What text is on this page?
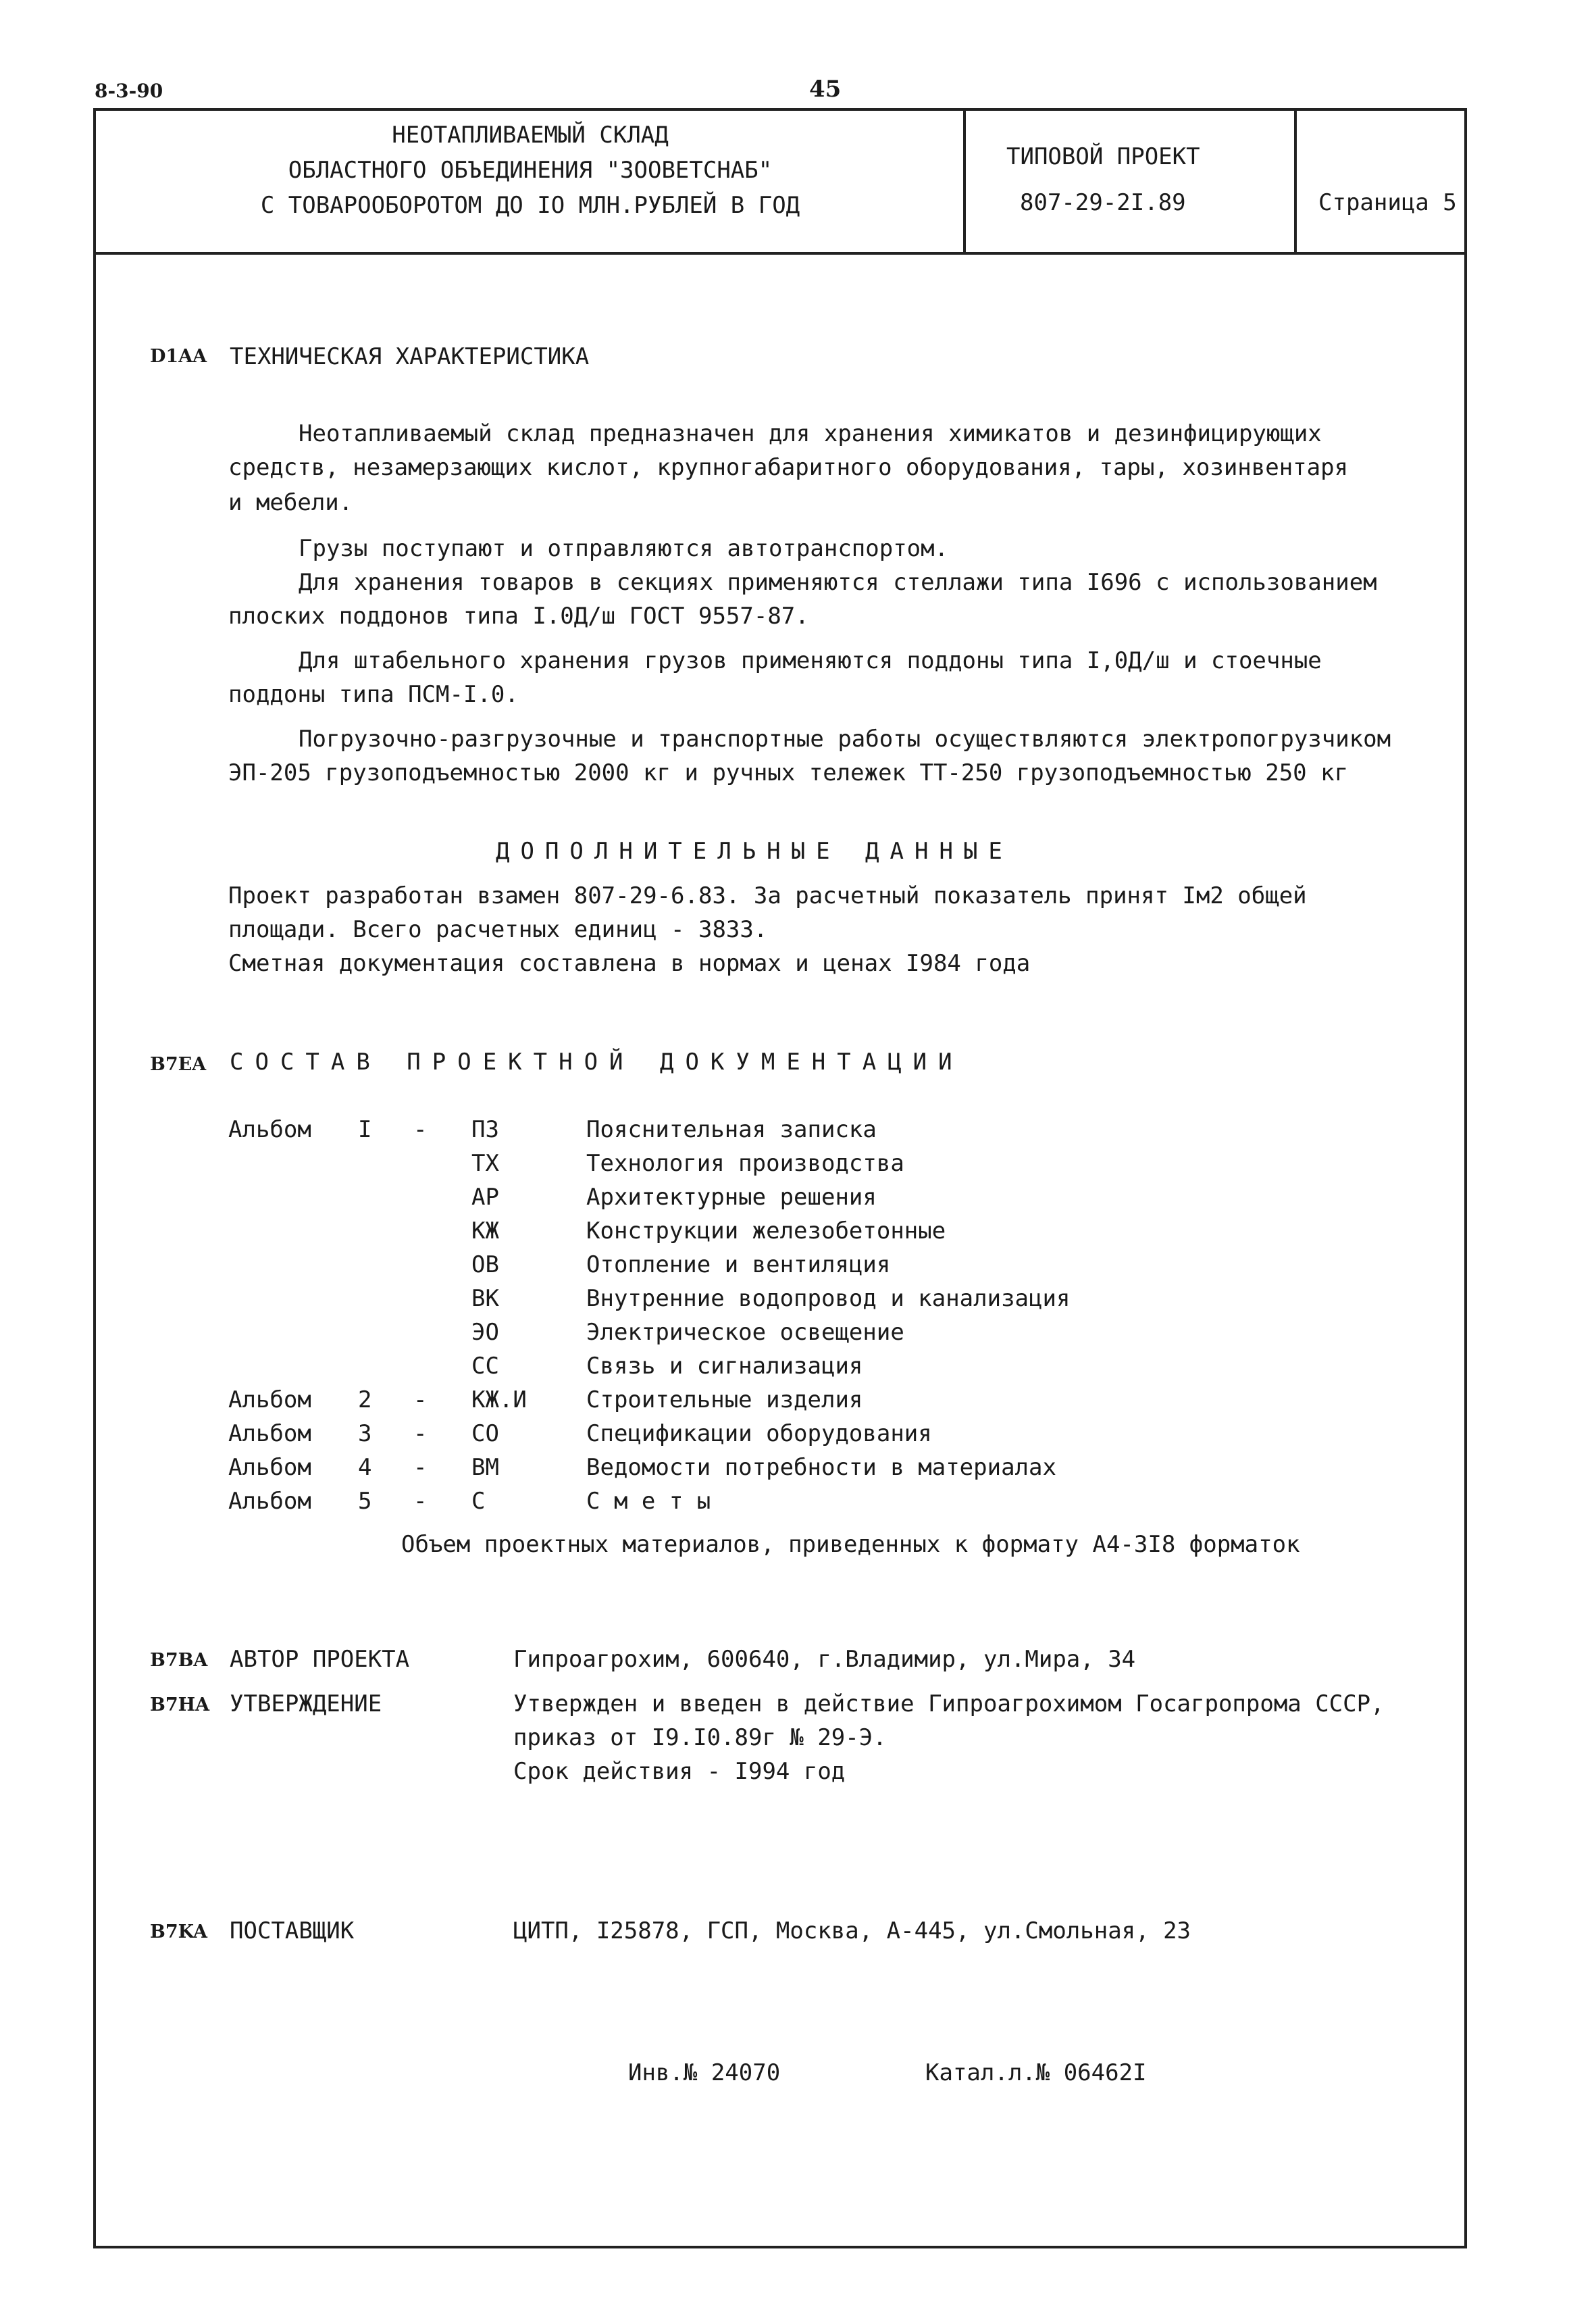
8-3-90	45
НЕОТАПЛИВАЕМЫЙ СКЛАД
ОБЛАСТНОГО ОБЪЕДИНЕНИЯ "ЗООВЕТСНАБ"
С ТОВАРООБОРОТОМ ДО IO МЛН.РУБЛЕЙ В ГОД
ТИПОВОЙ ПРОЕКТ
807-29-2I.89	Страница 5
D1AA ТЕХНИЧЕСКАЯ ХАРАКТЕРИСТИКА
Неотапливаемый склад предназначен для хранения химикатов и дезинфицирующих
средств, незамерзающих кислот, крупногабаритного оборудования, тары, хозинвентаря
и мебели.
Грузы поступают и отправляются автотранспортом.
Для хранения товаров в секциях применяются стеллажи типа I696 с использованием
плоских поддонов типа I.0Д/ш ГОСТ 9557-87.
Для штабельного хранения грузов применяются поддоны типа I,0Д/ш и стоечные
поддоны типа ПСМ-I.0.
Погрузочно-разгрузочные и транспортные работы осуществляются электропогрузчиком
ЭП-205 грузоподъемностью 2000 кг и ручных тележек ТТ-250 грузоподъемностью 250 кг
ДОПОЛНИТЕЛЬНЫЕ ДАННЫЕ
Проект разработан взамен 807-29-6.83. За расчетный показатель принят Iм2 общей
площади. Всего расчетных единиц - 3833.
Сметная документация составлена в нормах и ценах I984 года
B7EA СОСТАВ ПРОЕКТНОЙ ДОКУМЕНТАЦИИ
Альбом I - ПЗ	Пояснительная записка
ТХ	Технология производства
АР	Архитектурные решения
КЖ	Конструкции железобетонные
ОВ	Отопление и вентиляция
ВК	Внутренние водопровод и канализация
ЭО	Электрическое освещение
СС	Связь и сигнализация
Альбом 2 - КЖ.И	Строительные изделия
Альбом 3 - СО	Спецификации оборудования
Альбом 4 - ВМ	Ведомости потребности в материалах
Альбом 5 - С	С м е т ы
Объем проектных материалов, приведенных к формату А4-3I8 форматок
B7BA АВТОР ПРОЕКТА	Гипроагрохим, 600640, г.Владимир, ул.Мира, 34
B7HA УТВЕРЖДЕНИЕ	Утвержден и введен в действие Гипроагрохимом Госагропрома СССР,
приказ от I9.I0.89г № 29-Э.
Срок действия - I994 год
B7KA ПОСТАВЩИК	ЦИТП, I25878, ГСП, Москва, А-445, ул.Смольная, 23
Инв.№ 24070	Катал.л.№ 06462I
